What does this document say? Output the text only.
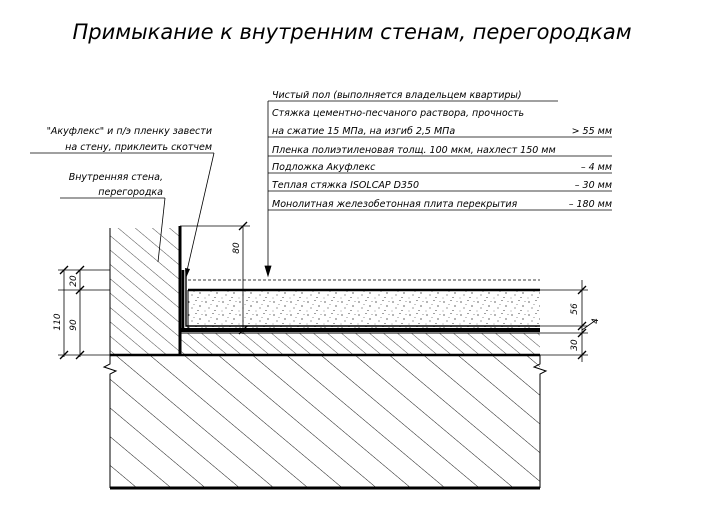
Примыкание к внутренним стенам, перегородкам
110 90
20
80
56
4
30
Чистый пол (выполняется владельцем квартиры)
Стяжка цементно-песчаного раствора, прочность
на сжатие 15 МПа, на изгиб 2,5 МПа	> 55 мм
Пленка полиэтиленовая толщ. 100 мкм, нахлест 150 мм
Подложка Акуфлекс	– 4 мм
Теплая стяжка ISOLCAP D350	– 30 мм
Монолитная железобетонная плита перекрытия	– 180 мм
"Акуфлекс" и п/э пленку завести
на стену, приклеить скотчем
Внутренняя стена,
перегородка
